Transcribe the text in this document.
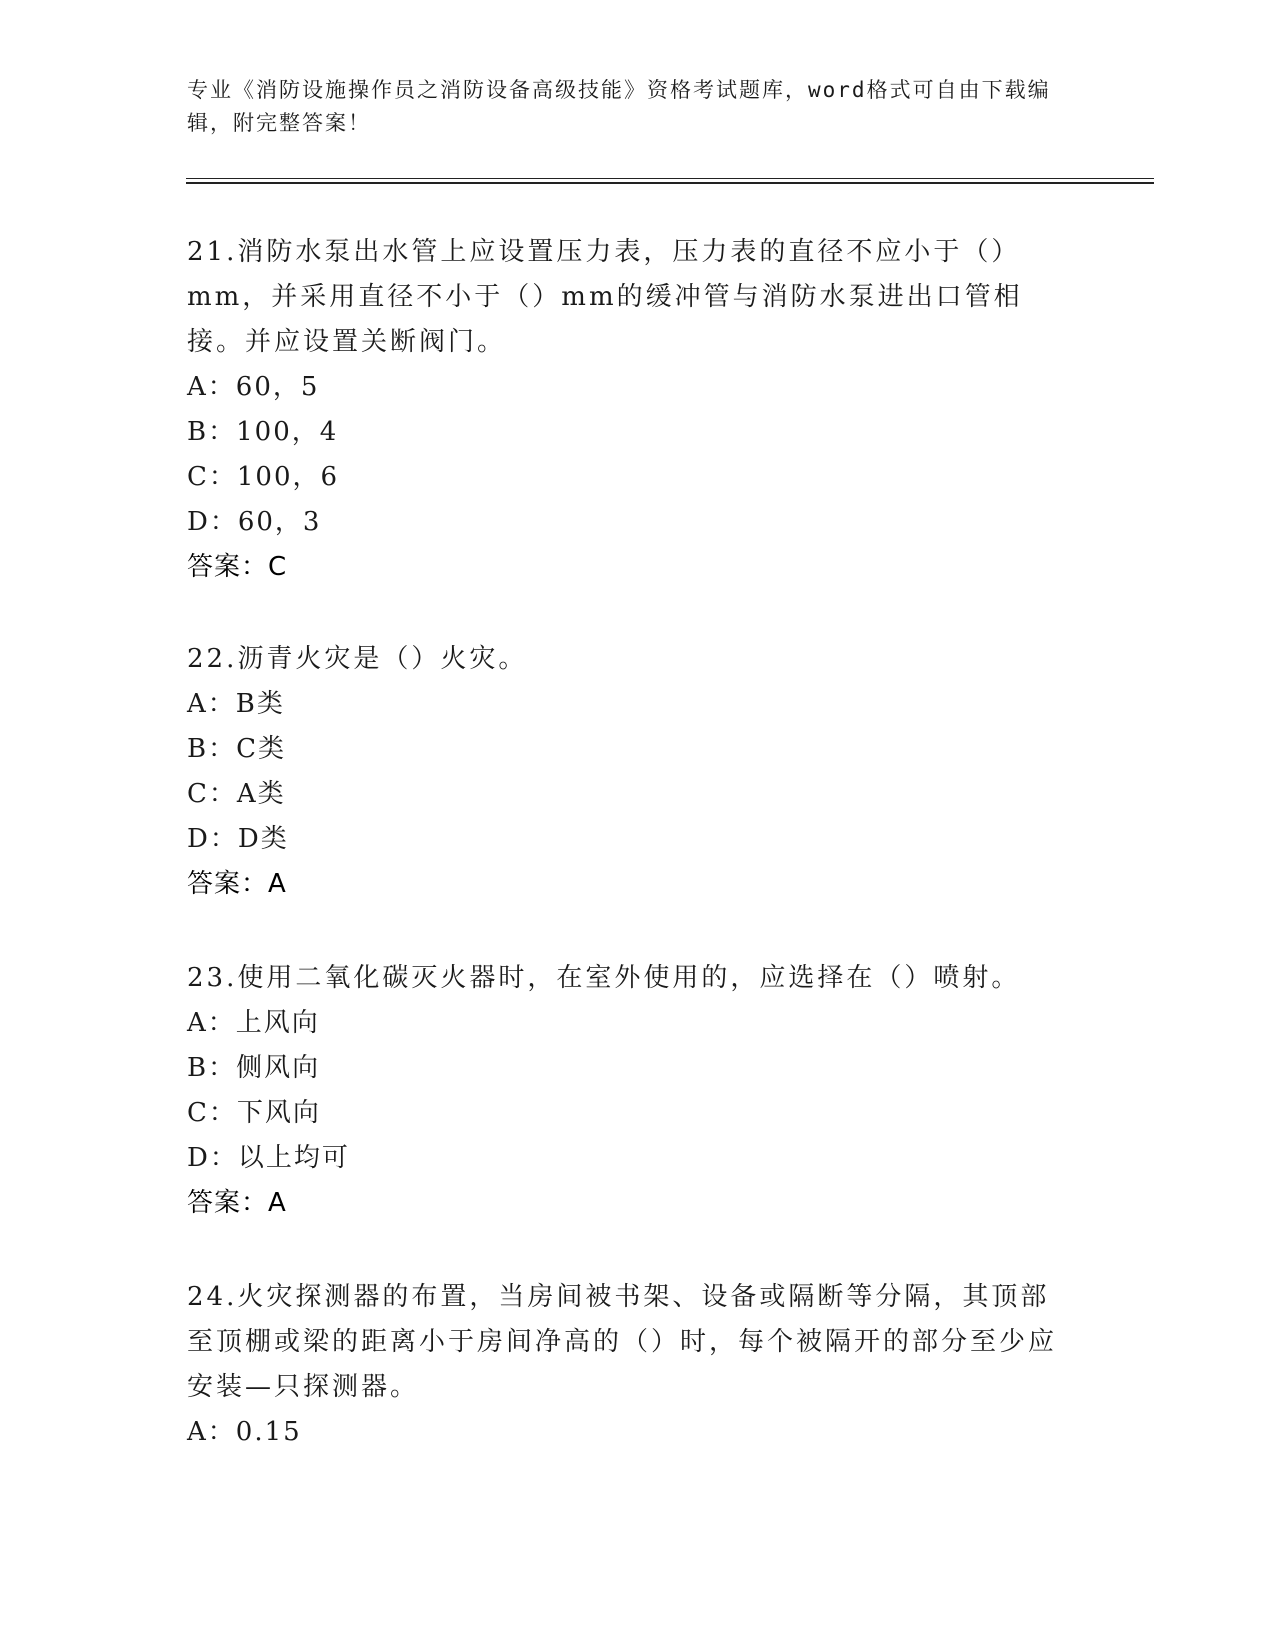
专业《消防设施操作员之消防设备高级技能》资格考试题库，word格式可自由下载编辑，附完整答案！

21.消防水泵出水管上应设置压力表，压力表的直径不应小于（）mm，并采用直径不小于（）mm的缓冲管与消防水泵进出口管相接。并应设置关断阀门。

A：60，5

B：100，4

C：100，6

D：60，3

答案：C

22.沥青火灾是（）火灾。

A：B类

B：C类

C：A类

D：D类

答案：A

23.使用二氧化碳灭火器时，在室外使用的，应选择在（）喷射。

A：上风向

B：侧风向

C：下风向

D：以上均可

答案：A

24.火灾探测器的布置，当房间被书架、设备或隔断等分隔，其顶部至顶棚或梁的距离小于房间净高的（）时，每个被隔开的部分至少应安装—只探测器。

A：0.15
